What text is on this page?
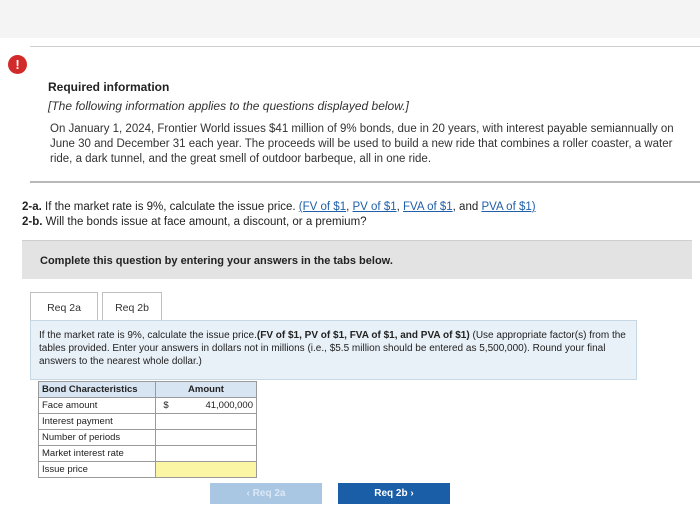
!
Required information
[The following information applies to the questions displayed below.]
On January 1, 2024, Frontier World issues $41 million of 9% bonds, due in 20 years, with interest payable semiannually on June 30 and December 31 each year. The proceeds will be used to build a new ride that combines a roller coaster, a water ride, a dark tunnel, and the great smell of outdoor barbeque, all in one ride.
2-a. If the market rate is 9%, calculate the issue price. (FV of $1, PV of $1, FVA of $1, and PVA of $1)
2-b. Will the bonds issue at face amount, a discount, or a premium?
Complete this question by entering your answers in the tabs below.
Req 2a	Req 2b
If the market rate is 9%, calculate the issue price.(FV of $1, PV of $1, FVA of $1, and PVA of $1) (Use appropriate factor(s) from the tables provided. Enter your answers in dollars not in millions (i.e., $5.5 million should be entered as 5,500,000). Round your final answers to the nearest whole dollar.)
Bond Characteristics	Amount	
Face amount	$	41,000,000
Interest payment		
Number of periods		
Market interest rate		
Issue price		
‹ Req 2a	Req 2b ›
